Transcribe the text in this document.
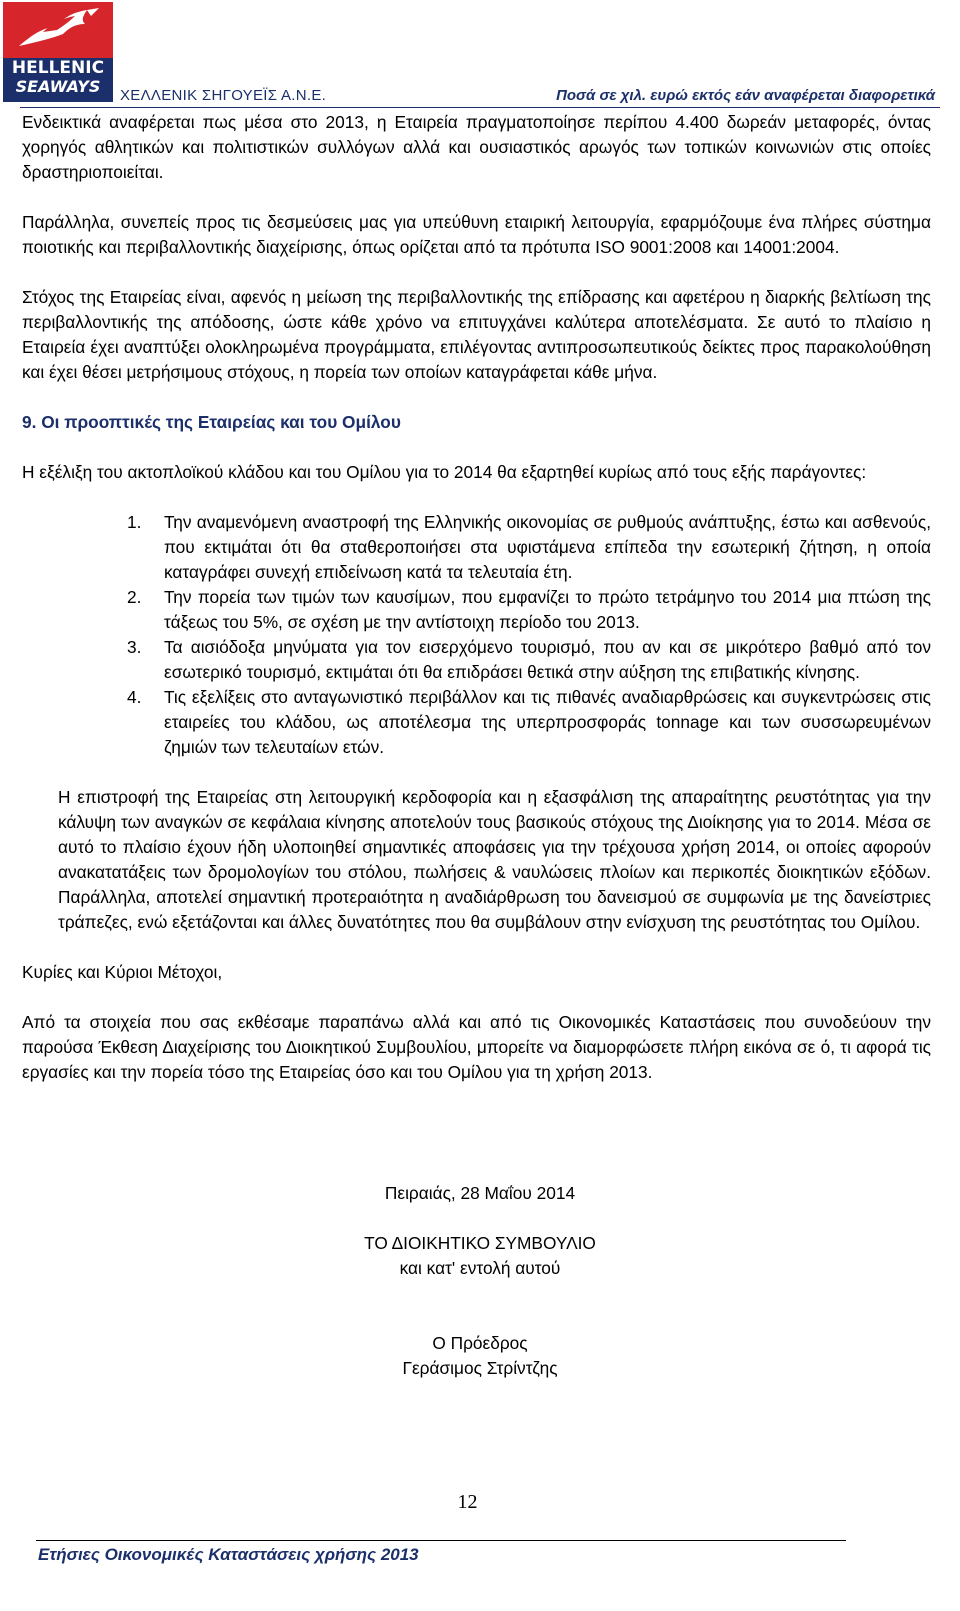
HELLENIC
SEAWAYS	ΧΕΛΛΕΝΙΚ ΣΗΓΟΥΕΪΣ Α.Ν.Ε.	Ποσά σε χιλ. ευρώ εκτός εάν αναφέρεται διαφορετικά

Ενδεικτικά αναφέρεται πως μέσα στο 2013, η Εταιρεία πραγματοποίησε περίπου 4.400 δωρεάν μεταφορές, όντας χορηγός αθλητικών και πολιτιστικών συλλόγων αλλά και ουσιαστικός αρωγός των τοπικών κοινωνιών στις οποίες δραστηριοποιείται.

Παράλληλα, συνεπείς προς τις δεσμεύσεις μας για υπεύθυνη εταιρική λειτουργία, εφαρμόζουμε ένα πλήρες σύστημα ποιοτικής και περιβαλλοντικής διαχείρισης, όπως ορίζεται από τα πρότυπα ISO 9001:2008 και 14001:2004.

Στόχος της Εταιρείας είναι, αφενός η μείωση της περιβαλλοντικής της επίδρασης και αφετέρου η διαρκής βελτίωση της περιβαλλοντικής της απόδοσης, ώστε κάθε χρόνο να επιτυγχάνει καλύτερα αποτελέσματα. Σε αυτό το πλαίσιο η Εταιρεία έχει αναπτύξει ολοκληρωμένα προγράμματα, επιλέγοντας αντιπροσωπευτικούς δείκτες προς παρακολούθηση και έχει θέσει μετρήσιμους στόχους, η πορεία των οποίων καταγράφεται κάθε μήνα.

9. Οι προοπτικές της Εταιρείας και του Ομίλου

Η εξέλιξη του ακτοπλοϊκού κλάδου και του Ομίλου για το 2014 θα εξαρτηθεί κυρίως από τους εξής παράγοντες:

1. Την αναμενόμενη αναστροφή της Ελληνικής οικονομίας σε ρυθμούς ανάπτυξης, έστω και ασθενούς, που εκτιμάται ότι θα σταθεροποιήσει στα υφιστάμενα επίπεδα την εσωτερική ζήτηση, η οποία καταγράφει συνεχή επιδείνωση κατά τα τελευταία έτη.
2. Την πορεία των τιμών των καυσίμων, που εμφανίζει το πρώτο τετράμηνο του 2014 μια πτώση της τάξεως του 5%, σε σχέση με την αντίστοιχη περίοδο του 2013.
3. Τα αισιόδοξα μηνύματα για τον εισερχόμενο τουρισμό, που αν και σε μικρότερο βαθμό από τον εσωτερικό τουρισμό, εκτιμάται ότι θα επιδράσει θετικά στην αύξηση της επιβατικής κίνησης.
4. Τις εξελίξεις στο ανταγωνιστικό περιβάλλον και τις πιθανές αναδιαρθρώσεις και συγκεντρώσεις στις εταιρείες του κλάδου, ως αποτέλεσμα της υπερπροσφοράς tonnage και των συσσωρευμένων ζημιών των τελευταίων ετών.

Η επιστροφή της Εταιρείας στη λειτουργική κερδοφορία και η εξασφάλιση της απαραίτητης ρευστότητας για την κάλυψη των αναγκών σε κεφάλαια κίνησης αποτελούν τους βασικούς στόχους της Διοίκησης για το 2014. Μέσα σε αυτό το πλαίσιο έχουν ήδη υλοποιηθεί σημαντικές αποφάσεις για την τρέχουσα χρήση 2014, οι οποίες αφορούν ανακατατάξεις των δρομολογίων του στόλου, πωλήσεις & ναυλώσεις πλοίων και περικοπές διοικητικών εξόδων. Παράλληλα, αποτελεί σημαντική προτεραιότητα η αναδιάρθρωση του δανεισμού σε συμφωνία με της δανείστριες τράπεζες, ενώ εξετάζονται και άλλες δυνατότητες που θα συμβάλουν στην ενίσχυση της ρευστότητας του Ομίλου.

Κυρίες και Κύριοι Μέτοχοι,

Από τα στοιχεία που σας εκθέσαμε παραπάνω αλλά και από τις Οικονομικές Καταστάσεις που συνοδεύουν την παρούσα Έκθεση Διαχείρισης του Διοικητικού Συμβουλίου, μπορείτε να διαμορφώσετε πλήρη εικόνα σε ό, τι αφορά τις εργασίες και την πορεία τόσο της Εταιρείας όσο και του Ομίλου για τη χρήση 2013.

Πειραιάς, 28 Μαΐου 2014
ΤΟ ΔΙΟΙΚΗΤΙΚΟ ΣΥΜΒΟΥΛΙΟ
και κατ' εντολή αυτού
Ο Πρόεδρος
Γεράσιμος Στρίντζης
12
Ετήσιες Οικονομικές Καταστάσεις χρήσης 2013
